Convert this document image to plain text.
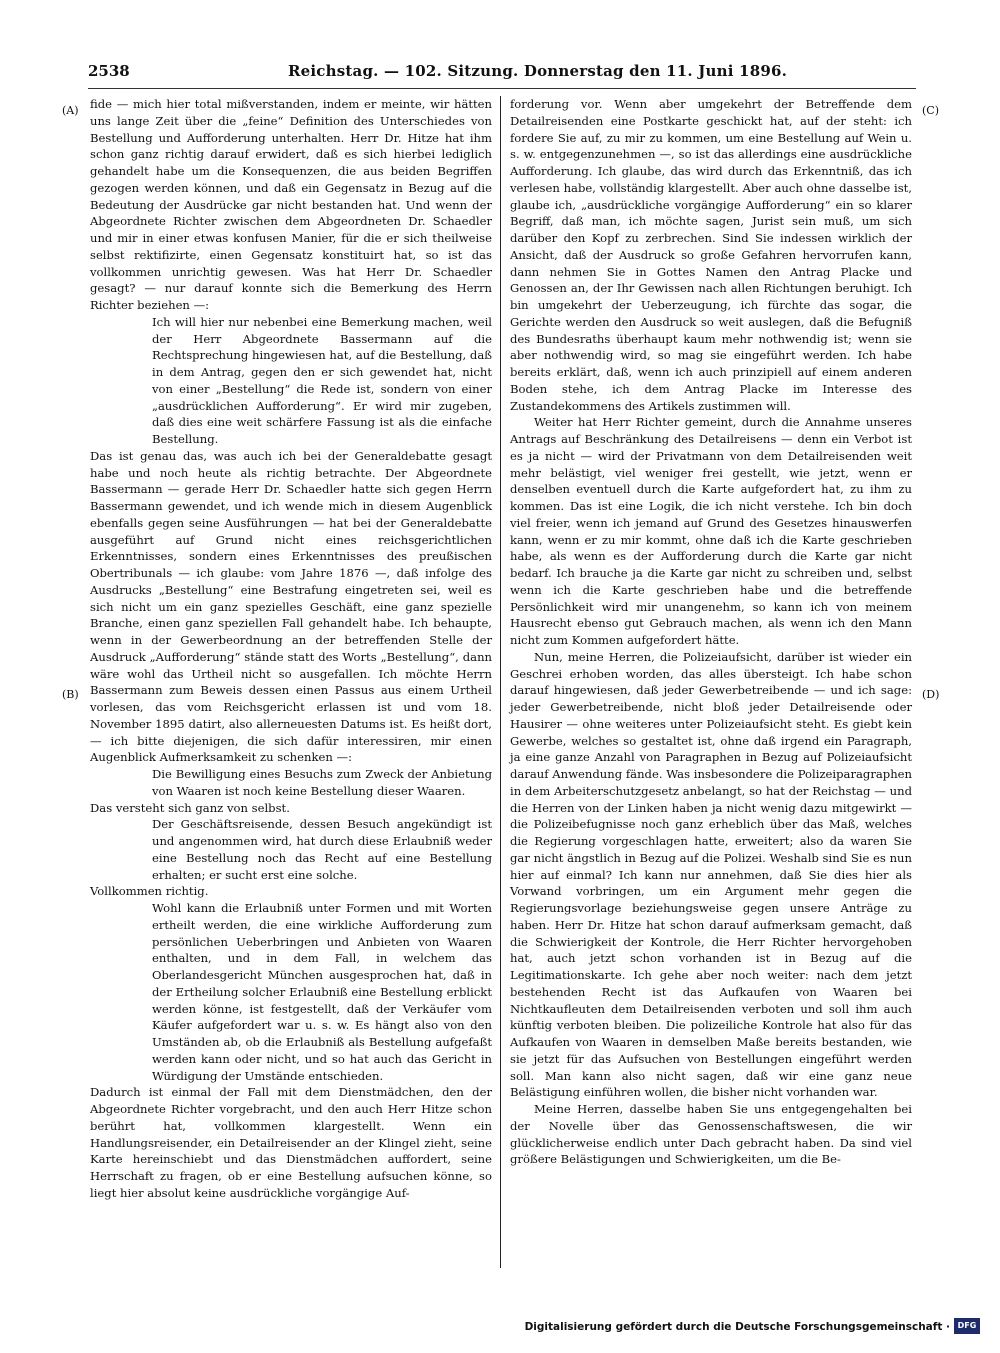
2538	Reichstag. — 102. Sitzung. Donnerstag den 11. Juni 1896.
(A)
(B)
(C)
(D)

fide — mich hier total mißverstanden, indem er meinte, wir hätten uns lange Zeit über die „feine“ Definition des Unterschiedes von Bestellung und Aufforderung unterhalten. Herr Dr. Hitze hat ihm schon ganz richtig darauf erwidert, daß es sich hierbei lediglich gehandelt habe um die Konsequenzen, die aus beiden Begriffen gezogen werden können, und daß ein Gegensatz in Bezug auf die Bedeutung der Ausdrücke gar nicht bestanden hat. Und wenn der Abgeordnete Richter zwischen dem Abgeordneten Dr. Schaedler und mir in einer etwas konfusen Manier, für die er sich theilweise selbst rektifizirte, einen Gegensatz konstituirt hat, so ist das vollkommen unrichtig gewesen. Was hat Herr Dr. Schaedler gesagt? — nur darauf konnte sich die Bemerkung des Herrn Richter beziehen —:

Ich will hier nur nebenbei eine Bemerkung machen, weil der Herr Abgeordnete Bassermann auf die Rechtsprechung hingewiesen hat, auf die Bestellung, daß in dem Antrag, gegen den er sich gewendet hat, nicht von einer „Bestellung“ die Rede ist, sondern von einer „ausdrücklichen Aufforderung“. Er wird mir zugeben, daß dies eine weit schärfere Fassung ist als die einfache Bestellung.

Das ist genau das, was auch ich bei der Generaldebatte gesagt habe und noch heute als richtig betrachte. Der Abgeordnete Bassermann — gerade Herr Dr. Schaedler hatte sich gegen Herrn Bassermann gewendet, und ich wende mich in diesem Augenblick ebenfalls gegen seine Ausführungen — hat bei der Generaldebatte ausgeführt auf Grund nicht eines reichsgerichtlichen Erkenntnisses, sondern eines Erkenntnisses des preußischen Obertribunals — ich glaube: vom Jahre 1876 —, daß infolge des Ausdrucks „Bestellung“ eine Bestrafung eingetreten sei, weil es sich nicht um ein ganz spezielles Geschäft, eine ganz spezielle Branche, einen ganz speziellen Fall gehandelt habe. Ich behaupte, wenn in der Gewerbeordnung an der betreffenden Stelle der Ausdruck „Aufforderung“ stände statt des Worts „Bestellung“, dann wäre wohl das Urtheil nicht so ausgefallen. Ich möchte Herrn Bassermann zum Beweis dessen einen Passus aus einem Urtheil vorlesen, das vom Reichsgericht erlassen ist und vom 18. November 1895 datirt, also allerneuesten Datums ist. Es heißt dort, — ich bitte diejenigen, die sich dafür interessiren, mir einen Augenblick Aufmerksamkeit zu schenken —:

Die Bewilligung eines Besuchs zum Zweck der Anbietung von Waaren ist noch keine Bestellung dieser Waaren.

Das versteht sich ganz von selbst.

Der Geschäftsreisende, dessen Besuch angekündigt ist und angenommen wird, hat durch diese Erlaubniß weder eine Bestellung noch das Recht auf eine Bestellung erhalten; er sucht erst eine solche.

Vollkommen richtig.

Wohl kann die Erlaubniß unter Formen und mit Worten ertheilt werden, die eine wirkliche Aufforderung zum persönlichen Ueberbringen und Anbieten von Waaren enthalten, und in dem Fall, in welchem das Oberlandesgericht München ausgesprochen hat, daß in der Ertheilung solcher Erlaubniß eine Bestellung erblickt werden könne, ist festgestellt, daß der Verkäufer vom Käufer aufgefordert war u. s. w. Es hängt also von den Umständen ab, ob die Erlaubniß als Bestellung aufgefaßt werden kann oder nicht, und so hat auch das Gericht in Würdigung der Umstände entschieden.

Dadurch ist einmal der Fall mit dem Dienstmädchen, den der Abgeordnete Richter vorgebracht, und den auch Herr Hitze schon berührt hat, vollkommen klargestellt. Wenn ein Handlungsreisender, ein Detailreisender an der Klingel zieht, seine Karte hereinschiebt und das Dienstmädchen auffordert, seine Herrschaft zu fragen, ob er eine Bestellung aufsuchen könne, so liegt hier absolut keine ausdrückliche vorgängige Auf-

forderung vor. Wenn aber umgekehrt der Betreffende dem Detailreisenden eine Postkarte geschickt hat, auf der steht: ich fordere Sie auf, zu mir zu kommen, um eine Bestellung auf Wein u. s. w. entgegenzunehmen —, so ist das allerdings eine ausdrückliche Aufforderung. Ich glaube, das wird durch das Erkenntniß, das ich verlesen habe, vollständig klargestellt. Aber auch ohne dasselbe ist, glaube ich, „ausdrückliche vorgängige Aufforderung“ ein so klarer Begriff, daß man, ich möchte sagen, Jurist sein muß, um sich darüber den Kopf zu zerbrechen. Sind Sie indessen wirklich der Ansicht, daß der Ausdruck so große Gefahren hervorrufen kann, dann nehmen Sie in Gottes Namen den Antrag Placke und Genossen an, der Ihr Gewissen nach allen Richtungen beruhigt. Ich bin umgekehrt der Ueberzeugung, ich fürchte das sogar, die Gerichte werden den Ausdruck so weit auslegen, daß die Befugniß des Bundesraths überhaupt kaum mehr nothwendig ist; wenn sie aber nothwendig wird, so mag sie eingeführt werden. Ich habe bereits erklärt, daß, wenn ich auch prinzipiell auf einem anderen Boden stehe, ich dem Antrag Placke im Interesse des Zustandekommens des Artikels zustimmen will.

Weiter hat Herr Richter gemeint, durch die Annahme unseres Antrags auf Beschränkung des Detailreisens — denn ein Verbot ist es ja nicht — wird der Privatmann von dem Detailreisenden weit mehr belästigt, viel weniger frei gestellt, wie jetzt, wenn er denselben eventuell durch die Karte aufgefordert hat, zu ihm zu kommen. Das ist eine Logik, die ich nicht verstehe. Ich bin doch viel freier, wenn ich jemand auf Grund des Gesetzes hinauswerfen kann, wenn er zu mir kommt, ohne daß ich die Karte geschrieben habe, als wenn es der Aufforderung durch die Karte gar nicht bedarf. Ich brauche ja die Karte gar nicht zu schreiben und, selbst wenn ich die Karte geschrieben habe und die betreffende Persönlichkeit wird mir unangenehm, so kann ich von meinem Hausrecht ebenso gut Gebrauch machen, als wenn ich den Mann nicht zum Kommen aufgefordert hätte.

Nun, meine Herren, die Polizeiaufsicht, darüber ist wieder ein Geschrei erhoben worden, das alles übersteigt. Ich habe schon darauf hingewiesen, daß jeder Gewerbetreibende — und ich sage: jeder Gewerbetreibende, nicht bloß jeder Detailreisende oder Hausirer — ohne weiteres unter Polizeiaufsicht steht. Es giebt kein Gewerbe, welches so gestaltet ist, ohne daß irgend ein Paragraph, ja eine ganze Anzahl von Paragraphen in Bezug auf Polizeiaufsicht darauf Anwendung fände. Was insbesondere die Polizeiparagraphen in dem Arbeiterschutzgesetz anbelangt, so hat der Reichstag — und die Herren von der Linken haben ja nicht wenig dazu mitgewirkt — die Polizeibefugnisse noch ganz erheblich über das Maß, welches die Regierung vorgeschlagen hatte, erweitert; also da waren Sie gar nicht ängstlich in Bezug auf die Polizei. Weshalb sind Sie es nun hier auf einmal? Ich kann nur annehmen, daß Sie dies hier als Vorwand vorbringen, um ein Argument mehr gegen die Regierungsvorlage beziehungsweise gegen unsere Anträge zu haben. Herr Dr. Hitze hat schon darauf aufmerksam gemacht, daß die Schwierigkeit der Kontrole, die Herr Richter hervorgehoben hat, auch jetzt schon vorhanden ist in Bezug auf die Legitimationskarte. Ich gehe aber noch weiter: nach dem jetzt bestehenden Recht ist das Aufkaufen von Waaren bei Nichtkaufleuten dem Detailreisenden verboten und soll ihm auch künftig verboten bleiben. Die polizeiliche Kontrole hat also für das Aufkaufen von Waaren in demselben Maße bereits bestanden, wie sie jetzt für das Aufsuchen von Bestellungen eingeführt werden soll. Man kann also nicht sagen, daß wir eine ganz neue Belästigung einführen wollen, die bisher nicht vorhanden war.

Meine Herren, dasselbe haben Sie uns entgegengehalten bei der Novelle über das Genossenschaftswesen, die wir glücklicherweise endlich unter Dach gebracht haben. Da sind viel größere Belästigungen und Schwierigkeiten, um die Be-

Digitalisierung gefördert durch die Deutsche Forschungsgemeinschaft · DFG
